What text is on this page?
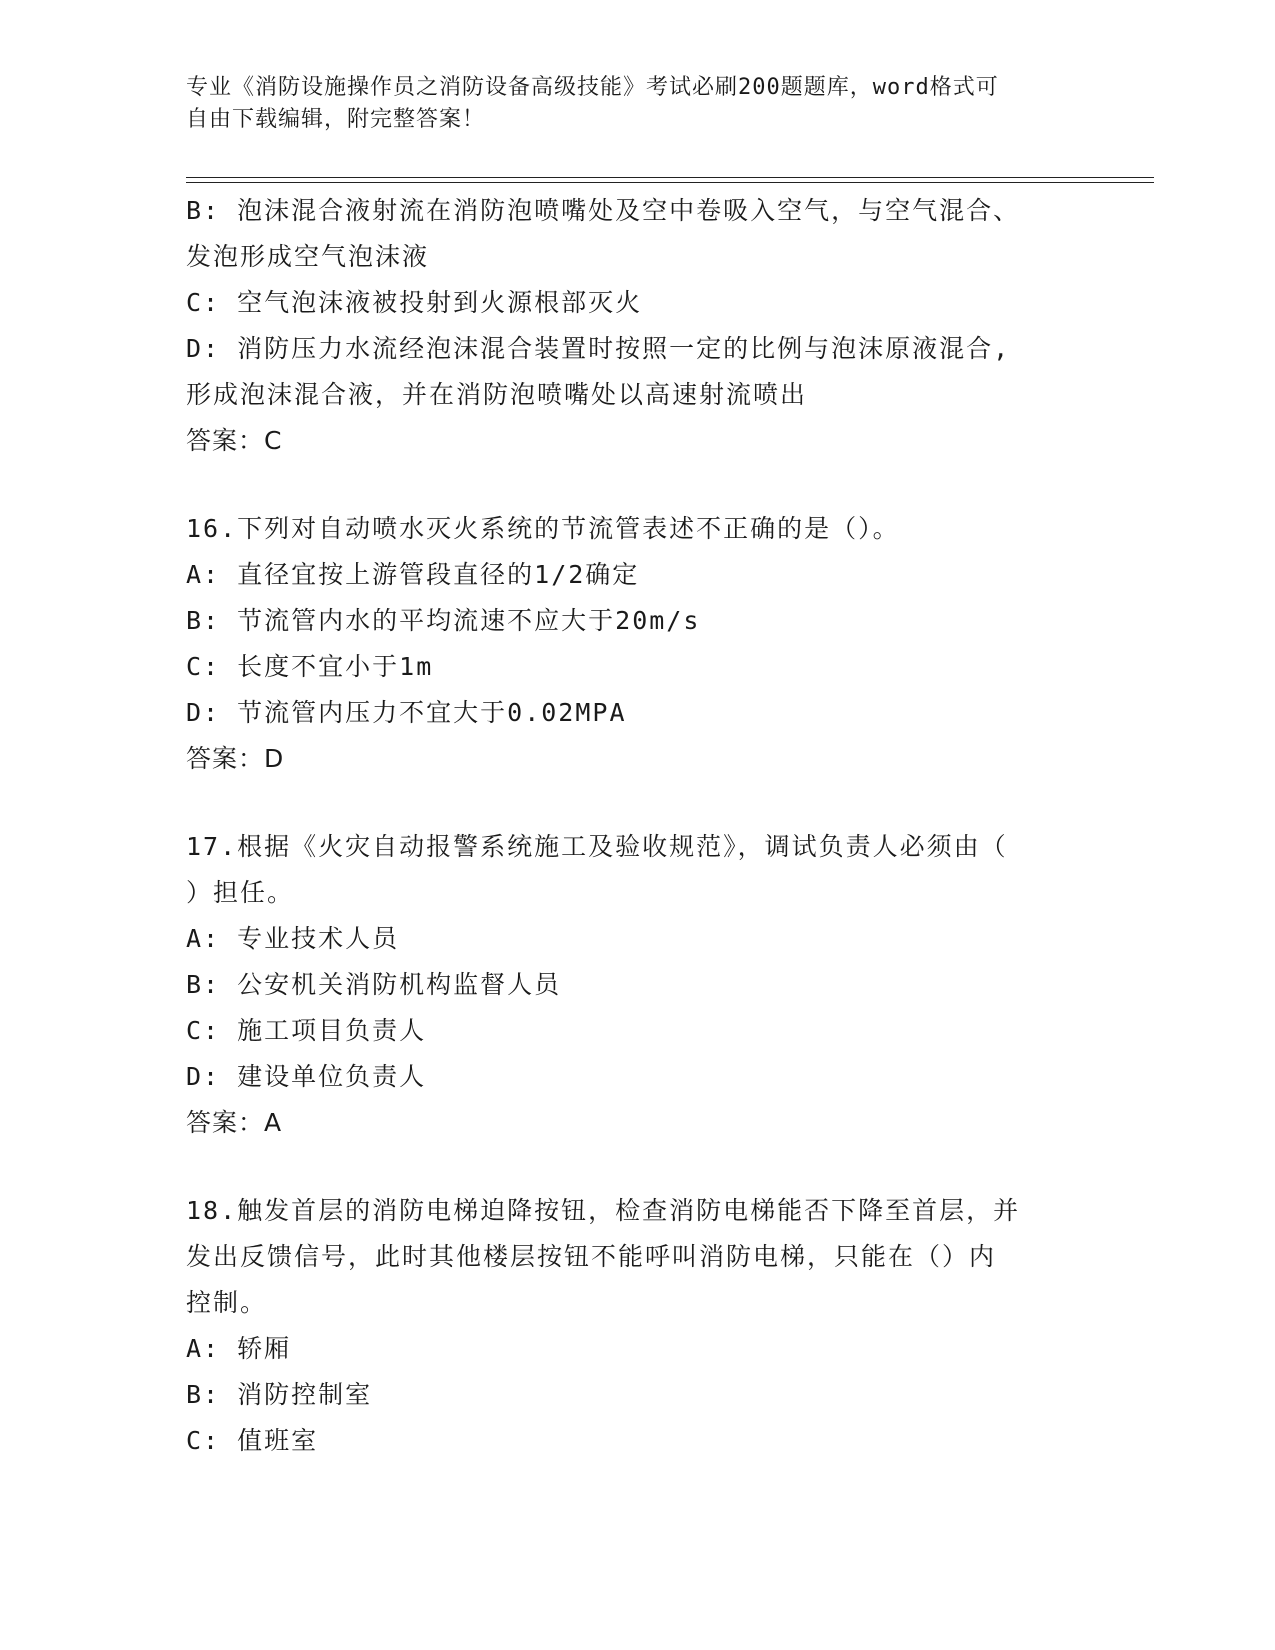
专业《消防设施操作员之消防设备高级技能》考试必刷200题题库，word格式可
自由下载编辑，附完整答案！
B: 泡沫混合液射流在消防泡喷嘴处及空中卷吸入空气，与空气混合、
发泡形成空气泡沫液
C: 空气泡沫液被投射到火源根部灭火
D: 消防压力水流经泡沫混合装置时按照一定的比例与泡沫原液混合,
形成泡沫混合液，并在消防泡喷嘴处以高速射流喷出
答案：C
16.下列对自动喷水灭火系统的节流管表述不正确的是（）。
A: 直径宜按上游管段直径的1/2确定
B: 节流管内水的平均流速不应大于20m/s
C: 长度不宜小于1m
D: 节流管内压力不宜大于0.02MPA
答案：D
17.根据《火灾自动报警系统施工及验收规范》，调试负责人必须由（
）担任。
A: 专业技术人员
B: 公安机关消防机构监督人员
C: 施工项目负责人
D: 建设单位负责人
答案：A
18.触发首层的消防电梯迫降按钮，检查消防电梯能否下降至首层，并
发出反馈信号，此时其他楼层按钮不能呼叫消防电梯，只能在（）内
控制。
A: 轿厢
B: 消防控制室
C: 值班室
